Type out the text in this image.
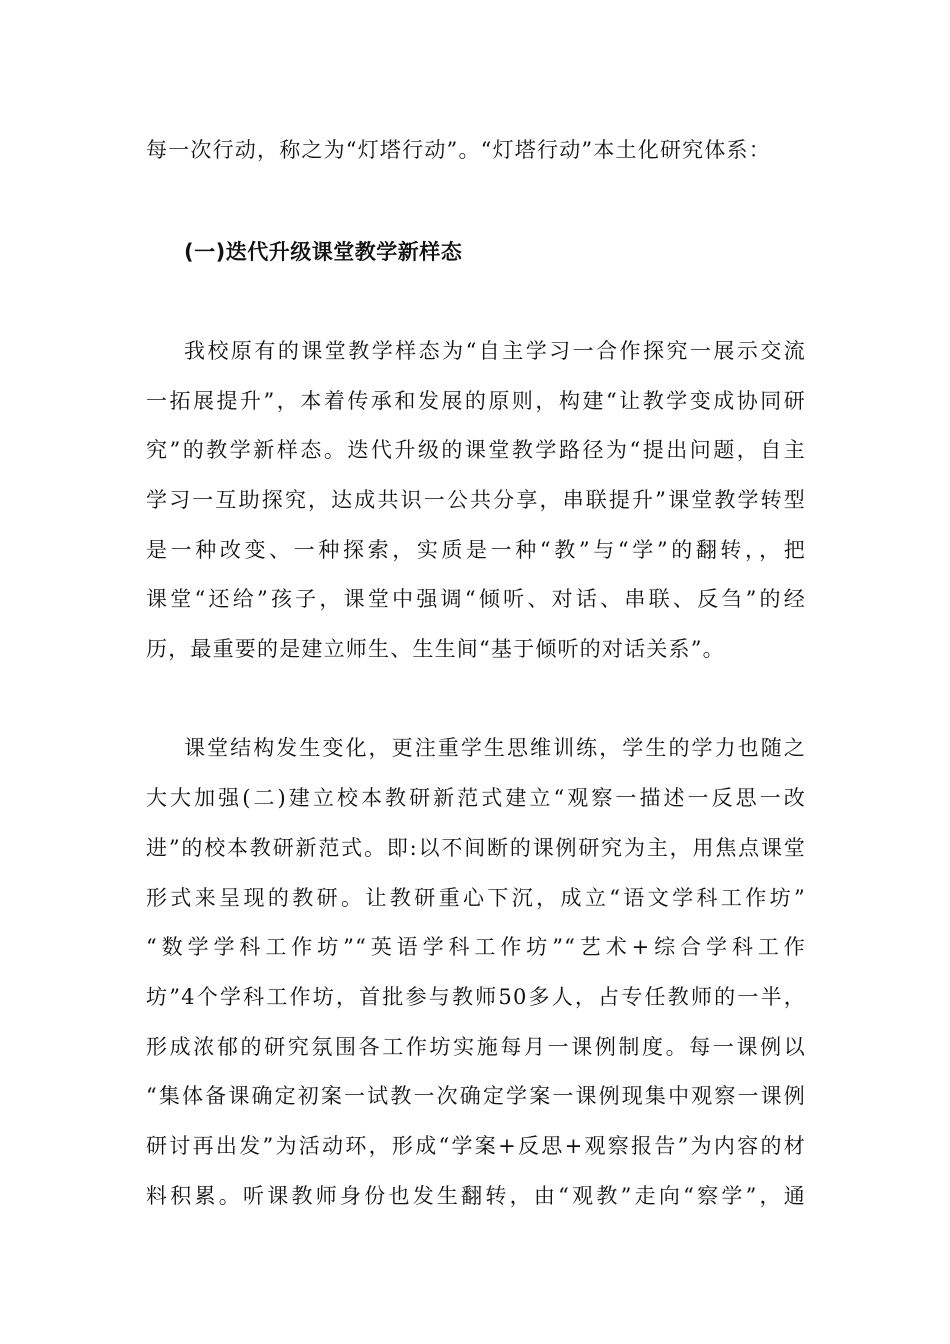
每一次行动，称之为“灯塔行动”。“灯塔行动”本土化研究体系：
(一)迭代升级课堂教学新样态
我校原有的课堂教学样态为“自主学习一合作探究一展示交流
一拓展提升”，本着传承和发展的原则，构建“让教学变成协同研
究”的教学新样态。迭代升级的课堂教学路径为“提出问题，自主
学习一互助探究，达成共识一公共分享，串联提升”课堂教学转型
是一种改变、一种探索，实质是一种“教”与“学”的翻转，，把
课堂“还给”孩子，课堂中强调“倾听、对话、串联、反刍”的经
历，最重要的是建立师生、生生间“基于倾听的对话关系”。
课堂结构发生变化，更注重学生思维训练，学生的学力也随之
大大加强(二)建立校本教研新范式建立“观察一描述一反思一改
进”的校本教研新范式。即:以不间断的课例研究为主，用焦点课堂
形式来呈现的教研。让教研重心下沉，成立“语文学科工作坊”
“数学学科工作坊”“英语学科工作坊”“艺术+综合学科工作
坊”4个学科工作坊，首批参与教师50多人，占专任教师的一半，
形成浓郁的研究氛围各工作坊实施每月一课例制度。每一课例以
“集体备课确定初案一试教一次确定学案一课例现集中观察一课例
研讨再出发”为活动环，形成“学案+反思+观察报告”为内容的材
料积累。听课教师身份也发生翻转，由“观教”走向“察学”，通
